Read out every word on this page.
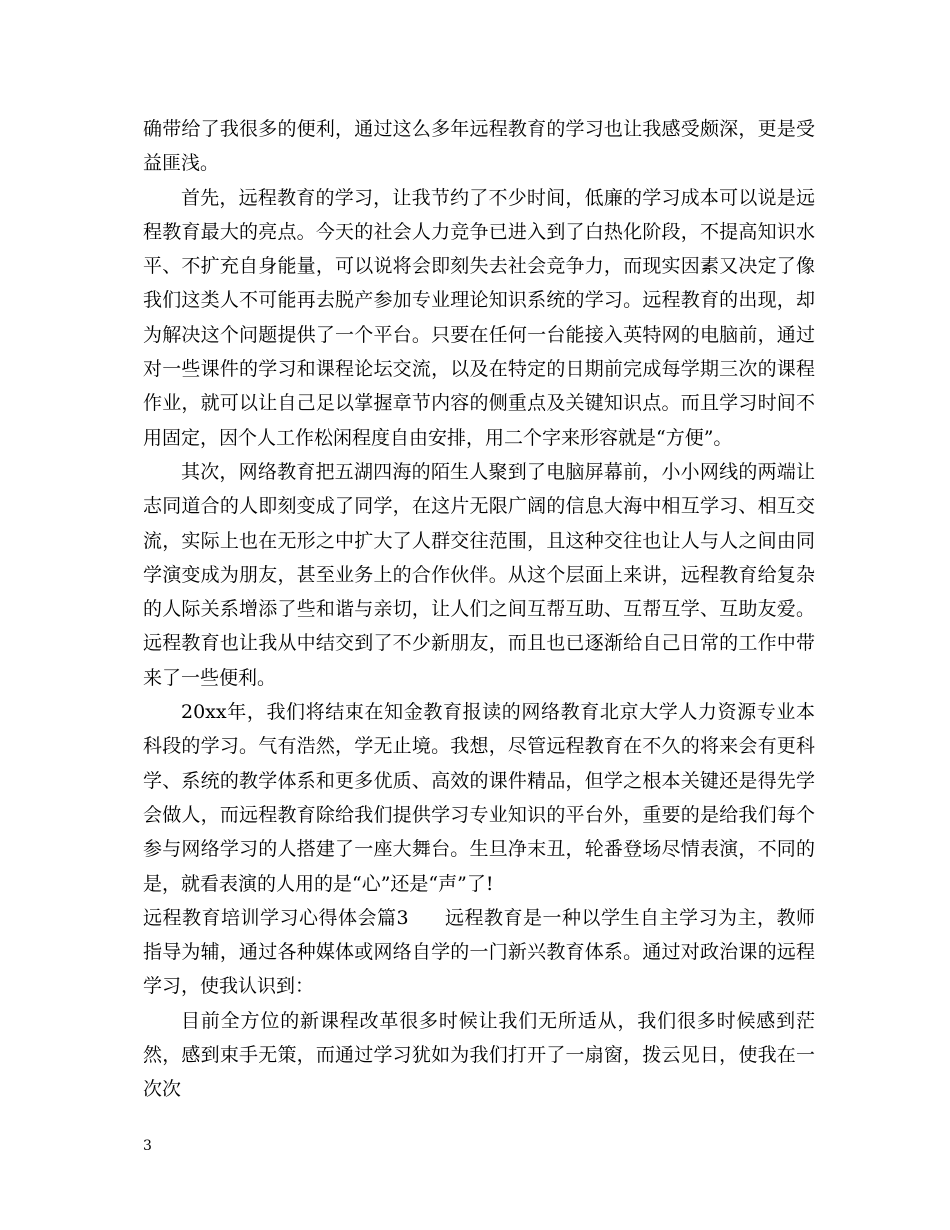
确带给了我很多的便利，通过这么多年远程教育的学习也让我感受颇深，更是受益匪浅。

首先，远程教育的学习，让我节约了不少时间，低廉的学习成本可以说是远程教育最大的亮点。今天的社会人力竞争已进入到了白热化阶段，不提高知识水平、不扩充自身能量，可以说将会即刻失去社会竞争力，而现实因素又决定了像我们这类人不可能再去脱产参加专业理论知识系统的学习。远程教育的出现，却为解决这个问题提供了一个平台。只要在任何一台能接入英特网的电脑前，通过对一些课件的学习和课程论坛交流，以及在特定的日期前完成每学期三次的课程作业，就可以让自己足以掌握章节内容的侧重点及关键知识点。而且学习时间不用固定，因个人工作松闲程度自由安排，用二个字来形容就是“方便”。

其次，网络教育把五湖四海的陌生人聚到了电脑屏幕前，小小网线的两端让志同道合的人即刻变成了同学，在这片无限广阔的信息大海中相互学习、相互交流，实际上也在无形之中扩大了人群交往范围，且这种交往也让人与人之间由同学演变成为朋友，甚至业务上的合作伙伴。从这个层面上来讲，远程教育给复杂的人际关系增添了些和谐与亲切，让人们之间互帮互助、互帮互学、互助友爱。远程教育也让我从中结交到了不少新朋友，而且也已逐渐给自己日常的工作中带来了一些便利。

20xx年，我们将结束在知金教育报读的网络教育北京大学人力资源专业本科段的学习。气有浩然，学无止境。我想，尽管远程教育在不久的将来会有更科学、系统的教学体系和更多优质、高效的课件精品，但学之根本关键还是得先学会做人，而远程教育除给我们提供学习专业知识的平台外，重要的是给我们每个参与网络学习的人搭建了一座大舞台。生旦净末丑，轮番登场尽情表演，不同的是，就看表演的人用的是“心”还是“声”了!

远程教育培训学习心得体会篇3 远程教育是一种以学生自主学习为主，教师指导为辅，通过各种媒体或网络自学的一门新兴教育体系。通过对政治课的远程学习，使我认识到：

目前全方位的新课程改革很多时候让我们无所适从，我们很多时候感到茫然，感到束手无策，而通过学习犹如为我们打开了一扇窗，拨云见日，使我在一次次

3
